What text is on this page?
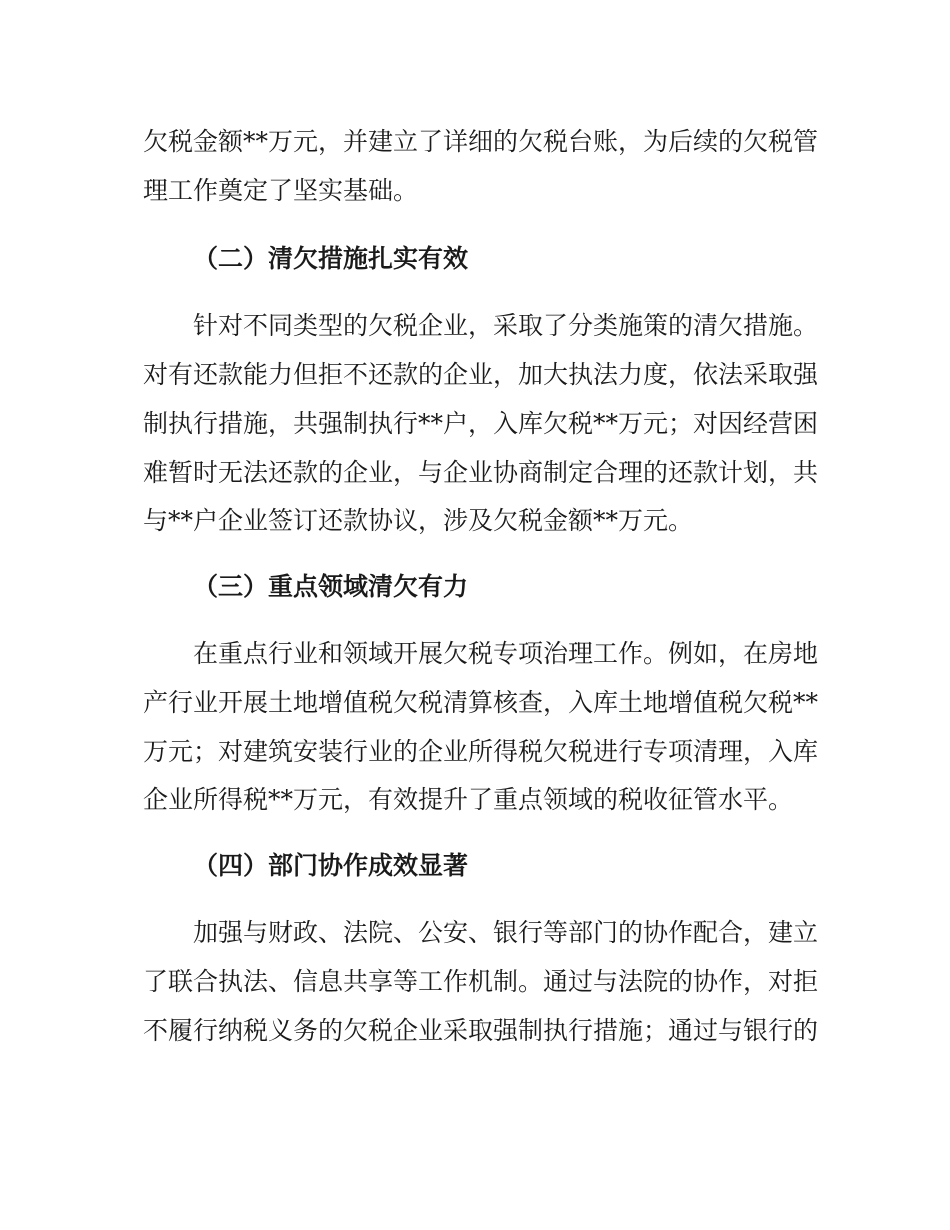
欠税金额**万元，并建立了详细的欠税台账，为后续的欠税管
理工作奠定了坚实基础。
（二）清欠措施扎实有效
针对不同类型的欠税企业，采取了分类施策的清欠措施。
对有还款能力但拒不还款的企业，加大执法力度，依法采取强
制执行措施，共强制执行**户，入库欠税**万元；对因经营困
难暂时无法还款的企业，与企业协商制定合理的还款计划，共
与**户企业签订还款协议，涉及欠税金额**万元。
（三）重点领域清欠有力
在重点行业和领域开展欠税专项治理工作。例如，在房地
产行业开展土地增值税欠税清算核查，入库土地增值税欠税**
万元；对建筑安装行业的企业所得税欠税进行专项清理，入库
企业所得税**万元，有效提升了重点领域的税收征管水平。
（四）部门协作成效显著
加强与财政、法院、公安、银行等部门的协作配合，建立
了联合执法、信息共享等工作机制。通过与法院的协作，对拒
不履行纳税义务的欠税企业采取强制执行措施；通过与银行的
